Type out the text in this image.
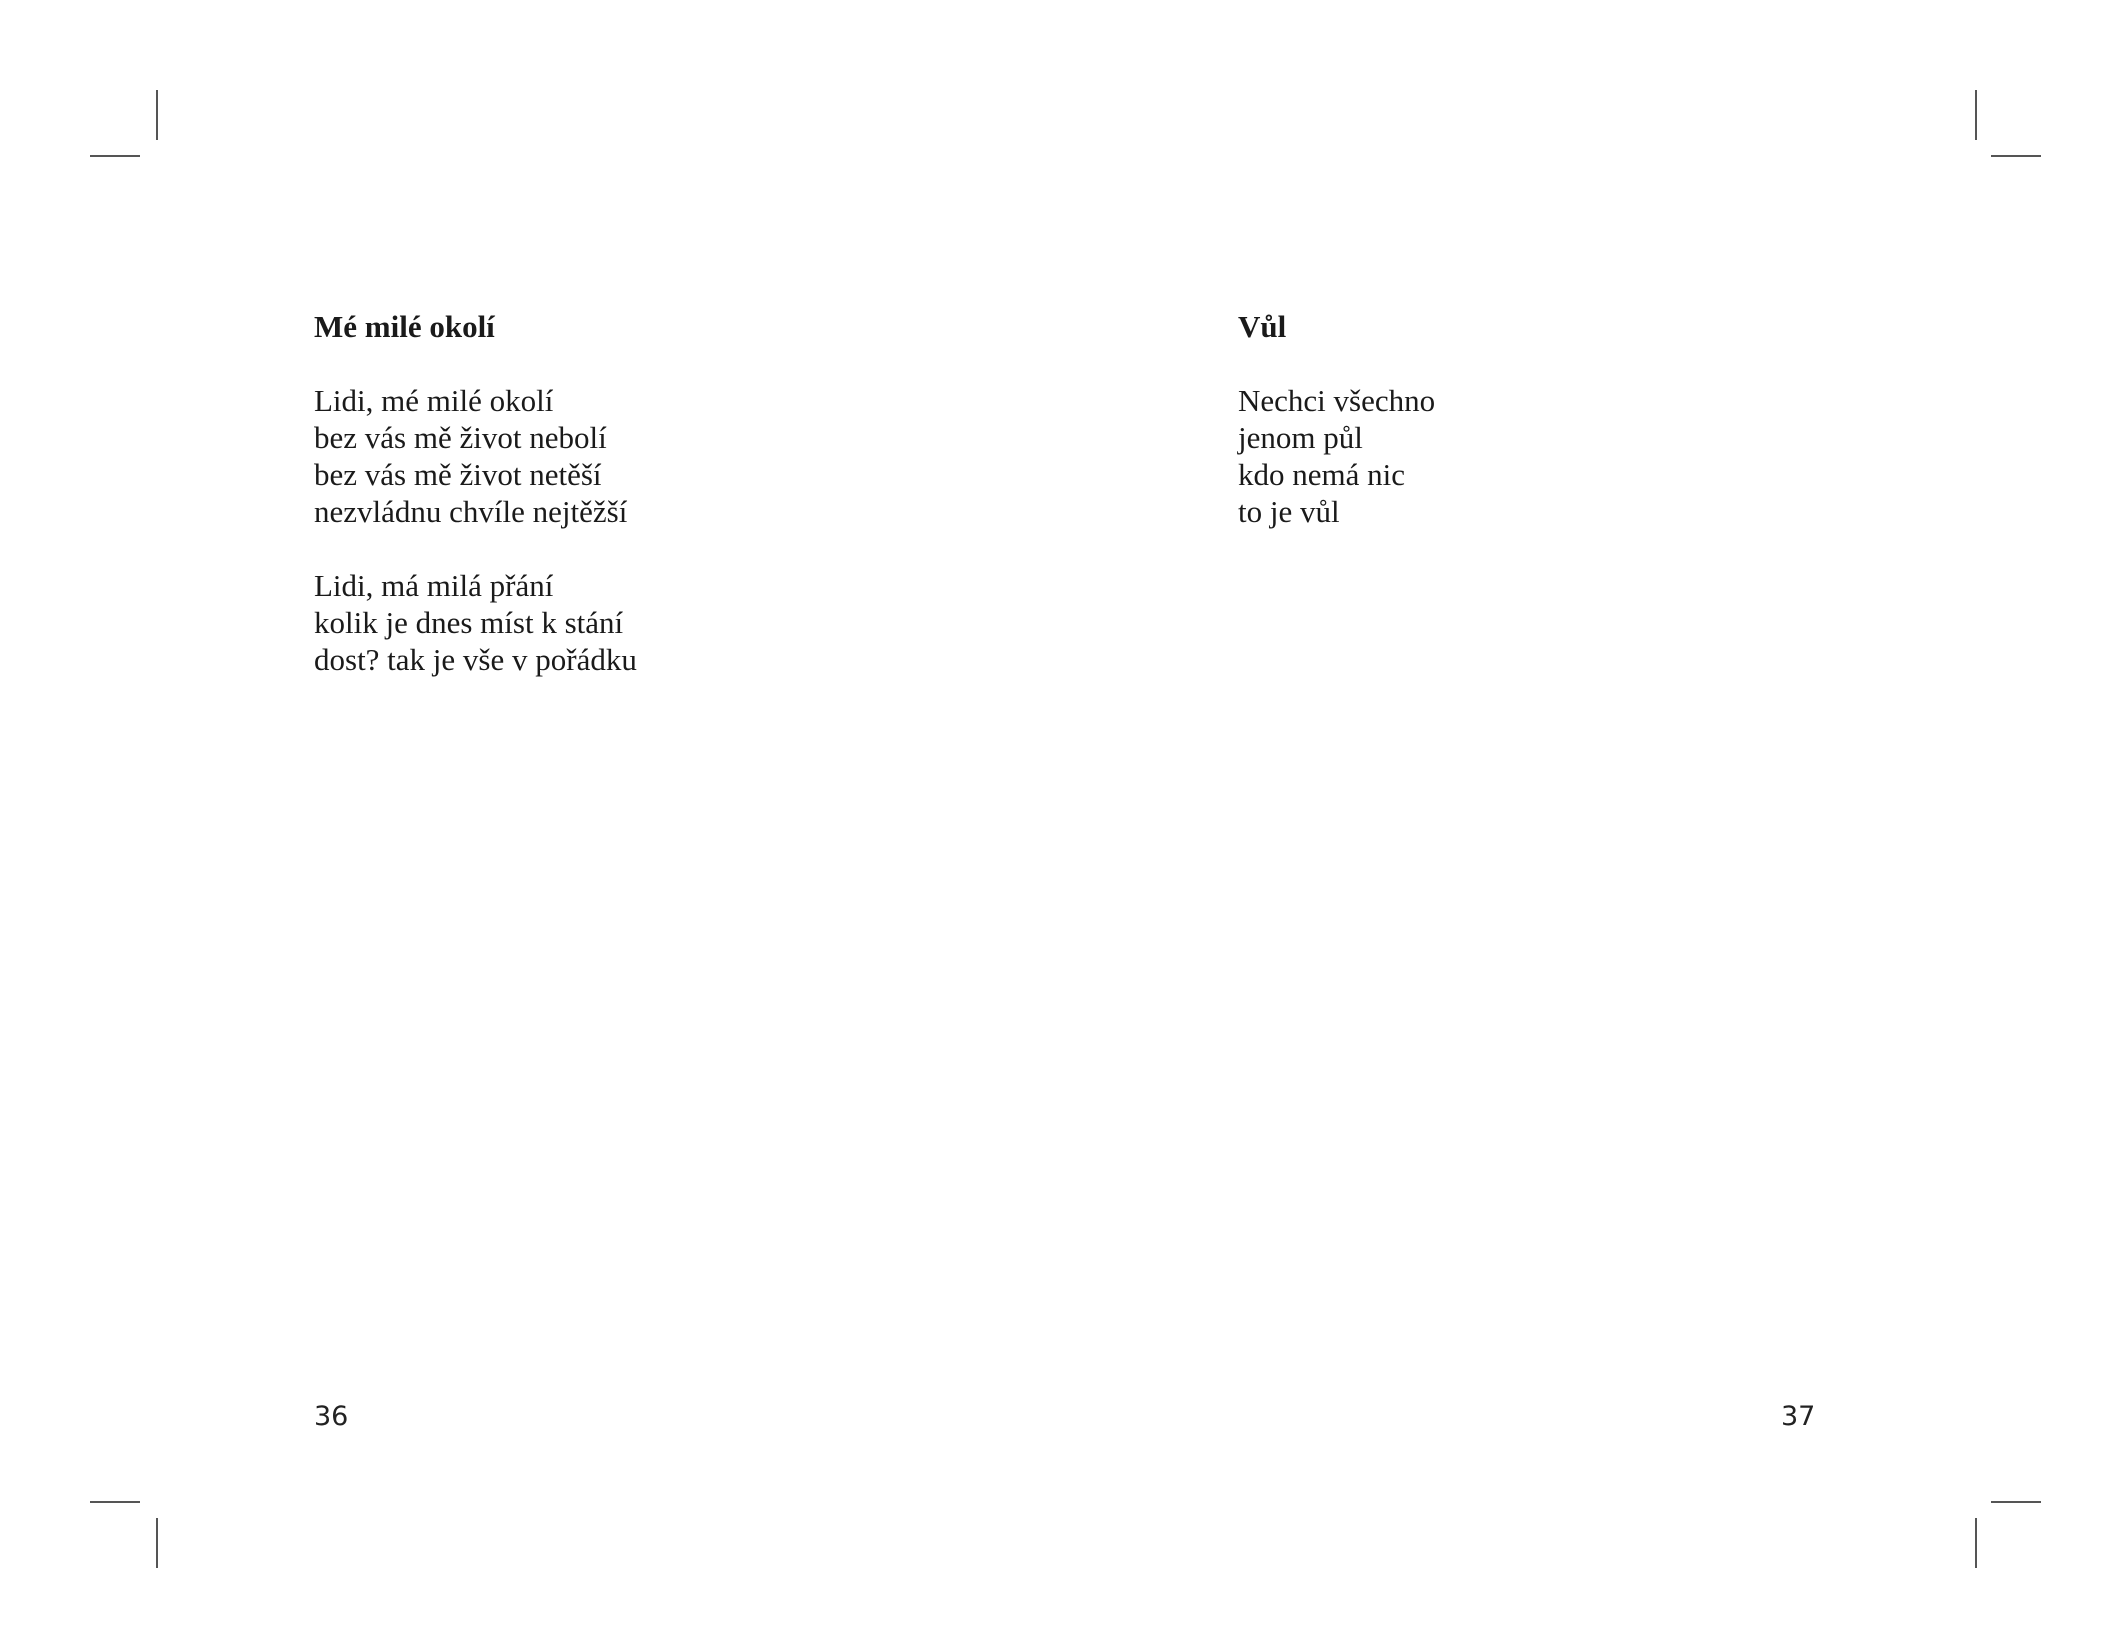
Mé milé okolí
Lidi, mé milé okolí
bez vás mě život nebolí
bez vás mě život netěší
nezvládnu chvíle nejtěžší
Lidi, má milá přání
kolik je dnes míst k stání
dost? tak je vše v pořádku
36
Vůl
Nechci všechno
jenom půl
kdo nemá nic
to je vůl
37
